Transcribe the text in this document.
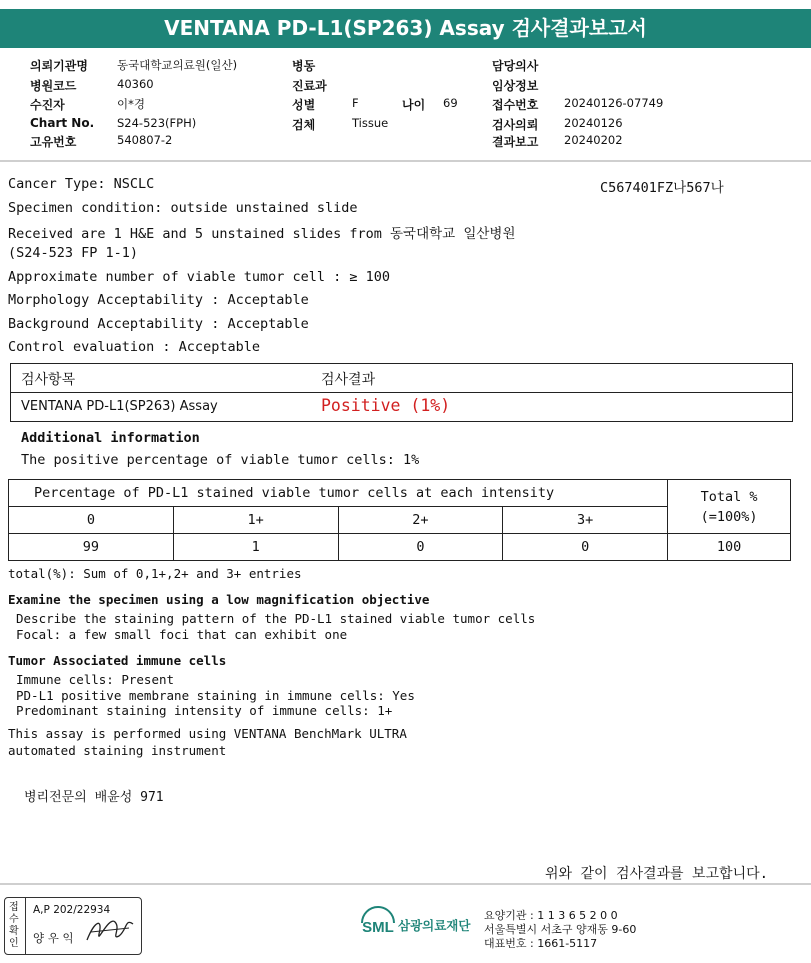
VENTANA PD-L1(SP263) Assay 검사결과보고서
의뢰기관명	동국대학교의료원(일산)
병원코드	40360
수진자	이*경
Chart No. S24-523(FPH)
고유번호	540807-2
병동
진료과
성별	F	나이 69
검체	Tissue
담당의사
임상정보
접수번호 20240126-07749
검사의뢰 20240126
결과보고 20240202
Cancer Type: NSCLC	C567401FZ나567나
Specimen condition: outside unstained slide
Received are 1 H&E and 5 unstained slides from 동국대학교 일산병원
(S24-523 FP 1-1)
Approximate number of viable tumor cell : ≥ 100
Morphology Acceptability : Acceptable
Background Acceptability : Acceptable
Control evaluation : Acceptable
검사항목	검사결과
VENTANA PD-L1(SP263) Assay	Positive (1%)
Additional information
The positive percentage of viable tumor cells: 1%
Percentage of PD-L1 stained viable tumor cells at each intensity				Total %
(=100%)
0	1+	2+	3+	
99	1	0	0	100
total(%): Sum of 0,1+,2+ and 3+ entries
Examine the specimen using a low magnification objective
Describe the staining pattern of the PD-L1 stained viable tumor cells
Focal: a few small foci that can exhibit one
Tumor Associated immune cells
Immune cells: Present
PD-L1 positive membrane staining in immune cells: Yes
Predominant staining intensity of immune cells: 1+
This assay is performed using VENTANA BenchMark ULTRA
automated staining instrument
병리전문의 배윤성 971
위와 같이 검사결과를 보고합니다.
접수확인
A,P 202/22934
양 우 익
SML 삼광의료재단
요양기관 : 1 1 3 6 5 2 0 0
서울특별시 서초구 양재동 9-60
대표번호 : 1661-5117
